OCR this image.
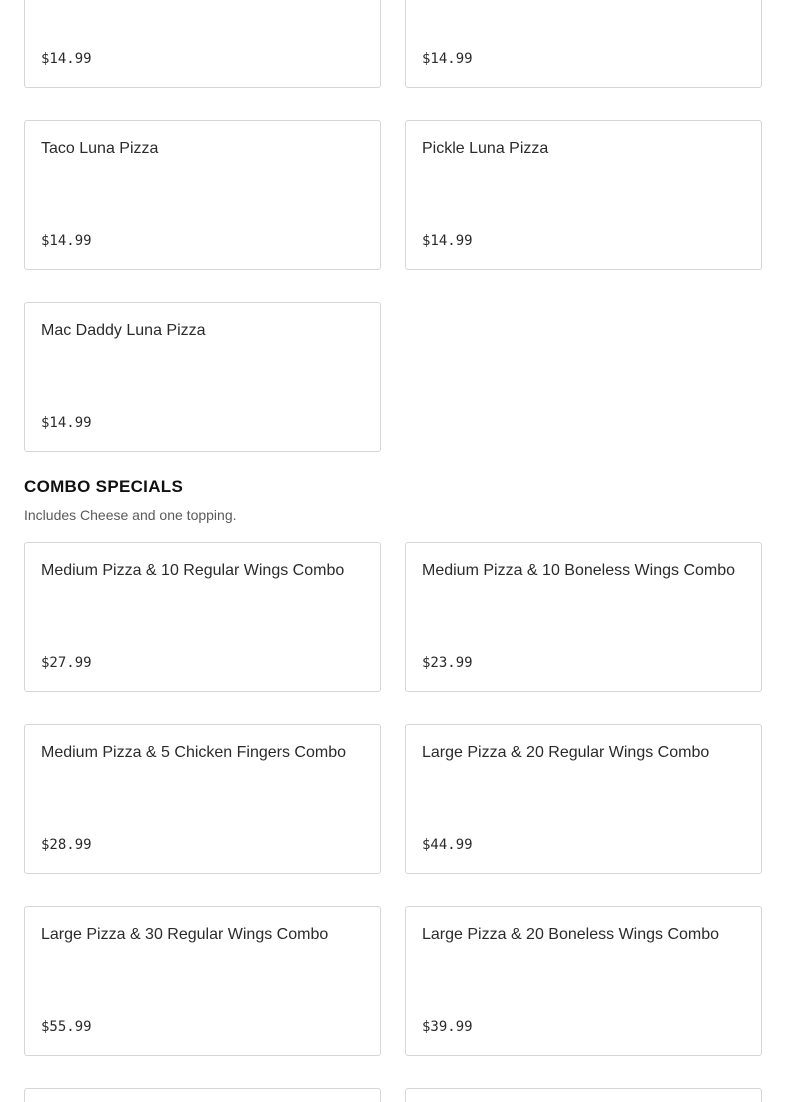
$14.99	$14.99
Taco Luna Pizza
$14.99
Pickle Luna Pizza
$14.99
Mac Daddy Luna Pizza
$14.99
COMBO SPECIALS

Includes Cheese and one topping.

Medium Pizza & 10 Regular Wings Combo
$27.99
Medium Pizza & 10 Boneless Wings Combo
$23.99
Medium Pizza & 5 Chicken Fingers Combo
$28.99
Large Pizza & 20 Regular Wings Combo
$44.99
Large Pizza & 30 Regular Wings Combo
$55.99
Large Pizza & 20 Boneless Wings Combo
$39.99
